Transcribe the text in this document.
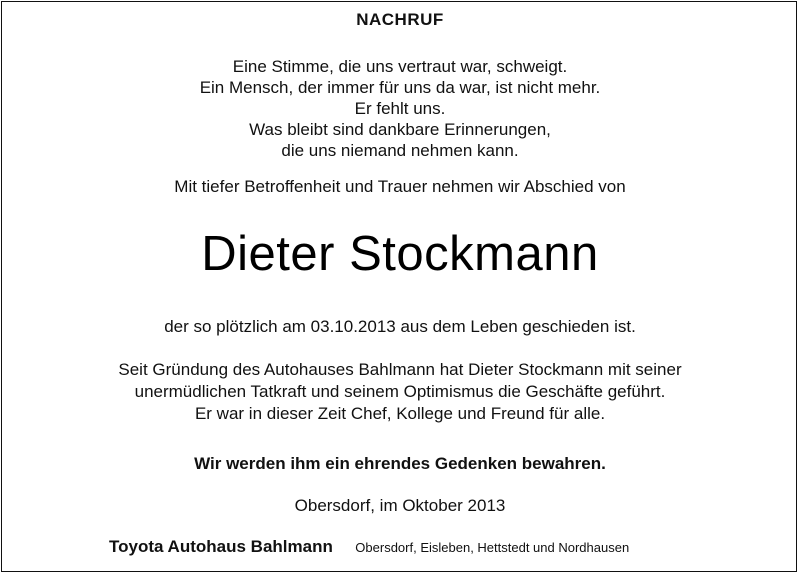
NACHRUF
Eine Stimme, die uns vertraut war, schweigt.
Ein Mensch, der immer für uns da war, ist nicht mehr.
Er fehlt uns.
Was bleibt sind dankbare Erinnerungen,
die uns niemand nehmen kann.
Mit tiefer Betroffenheit und Trauer nehmen wir Abschied von
Dieter Stockmann
der so plötzlich am 03.10.2013 aus dem Leben geschieden ist.
Seit Gründung des Autohauses Bahlmann hat Dieter Stockmann mit seiner
unermüdlichen Tatkraft und seinem Optimismus die Geschäfte geführt.
Er war in dieser Zeit Chef, Kollege und Freund für alle.
Wir werden ihm ein ehrendes Gedenken bewahren.
Obersdorf, im Oktober 2013
Toyota Autohaus Bahlmann Obersdorf, Eisleben, Hettstedt und Nordhausen
